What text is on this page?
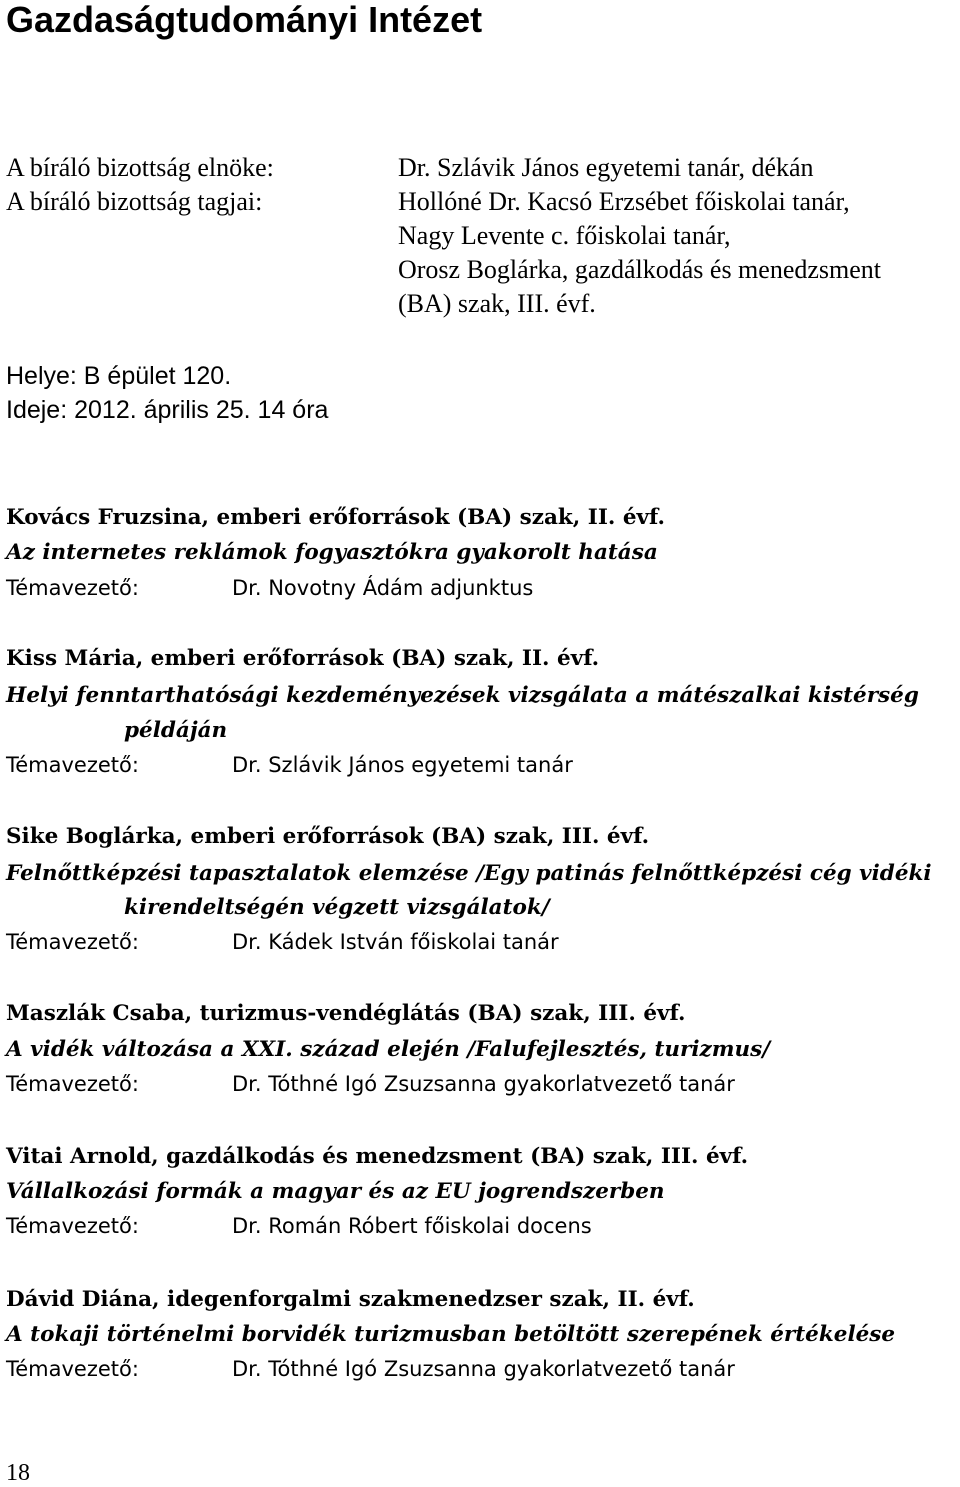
Gazdaságtudományi Intézet
A bíráló bizottság elnöke:	Dr. Szlávik János egyetemi tanár, dékán
A bíráló bizottság tagjai:	Hollóné Dr. Kacsó Erzsébet főiskolai tanár,
Nagy Levente c. főiskolai tanár,
Orosz Boglárka, gazdálkodás és menedzsment
(BA) szak, III. évf.
Helye: B épület 120.
Ideje: 2012. április 25. 14 óra
Kovács Fruzsina, emberi erőforrások (BA) szak, II. évf.
Az internetes reklámok fogyasztókra gyakorolt hatása
Témavezető:	Dr. Novotny Ádám adjunktus
Kiss Mária, emberi erőforrások (BA) szak, II. évf.
Helyi fenntarthatósági kezdeményezések vizsgálata a mátészalkai kistérség
példáján
Témavezető:	Dr. Szlávik János egyetemi tanár
Sike Boglárka, emberi erőforrások (BA) szak, III. évf.
Felnőttképzési tapasztalatok elemzése /Egy patinás felnőttképzési cég vidéki
kirendeltségén végzett vizsgálatok/
Témavezető:	Dr. Kádek István főiskolai tanár
Maszlák Csaba, turizmus-vendéglátás (BA) szak, III. évf.
A vidék változása a XXI. század elején /Falufejlesztés, turizmus/
Témavezető:	Dr. Tóthné Igó Zsuzsanna gyakorlatvezető tanár
Vitai Arnold, gazdálkodás és menedzsment (BA) szak, III. évf.
Vállalkozási formák a magyar és az EU jogrendszerben
Témavezető:	Dr. Román Róbert főiskolai docens
Dávid Diána, idegenforgalmi szakmenedzser szak, II. évf.
A tokaji történelmi borvidék turizmusban betöltött szerepének értékelése
Témavezető:	Dr. Tóthné Igó Zsuzsanna gyakorlatvezető tanár
18
